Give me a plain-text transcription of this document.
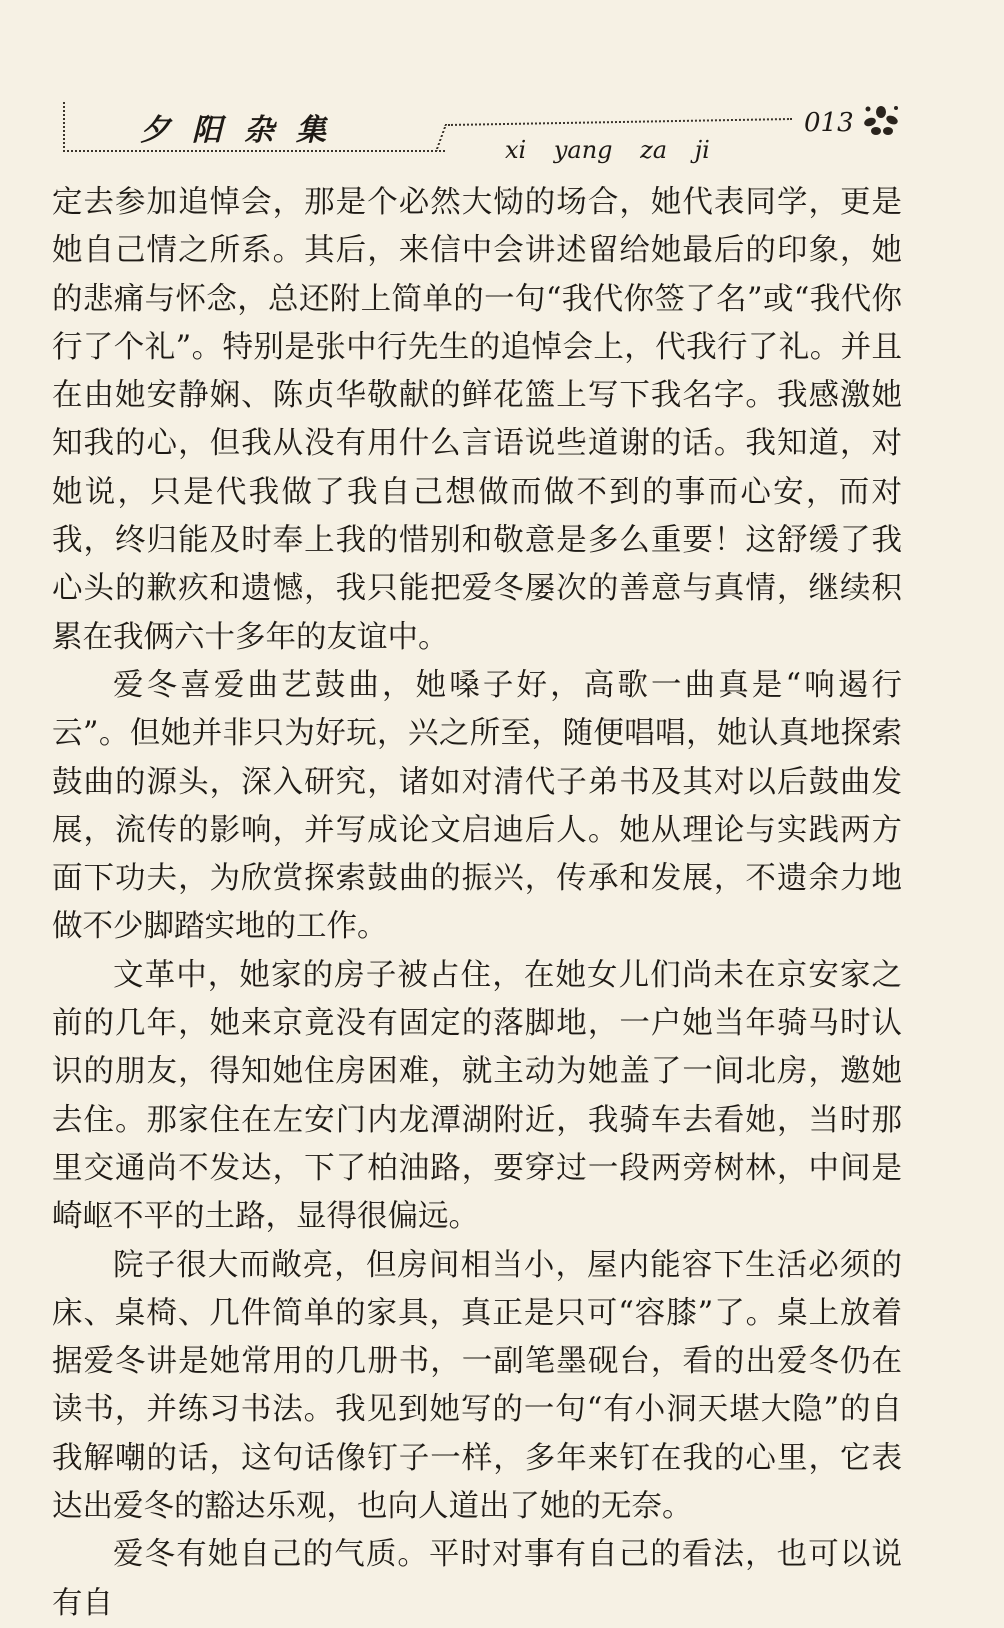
夕阳杂集
xi yang za ji
013

定去参加追悼会，那是个必然大恸的场合，她代表同学，更是她自己情之所系。其后，来信中会讲述留给她最后的印象，她的悲痛与怀念，总还附上简单的一句“我代你签了名”或“我代你行了个礼”。特别是张中行先生的追悼会上，代我行了礼。并且在由她安静娴、陈贞华敬献的鲜花篮上写下我名字。我感激她知我的心，但我从没有用什么言语说些道谢的话。我知道，对她说，只是代我做了我自己想做而做不到的事而心安，而对我，终归能及时奉上我的惜别和敬意是多么重要！这舒缓了我心头的歉疚和遗憾，我只能把爱冬屡次的善意与真情，继续积累在我俩六十多年的友谊中。

爱冬喜爱曲艺鼓曲，她嗓子好，高歌一曲真是“响遏行云”。但她并非只为好玩，兴之所至，随便唱唱，她认真地探索鼓曲的源头，深入研究，诸如对清代子弟书及其对以后鼓曲发展，流传的影响，并写成论文启迪后人。她从理论与实践两方面下功夫，为欣赏探索鼓曲的振兴，传承和发展，不遗余力地做不少脚踏实地的工作。

文革中，她家的房子被占住，在她女儿们尚未在京安家之前的几年，她来京竟没有固定的落脚地，一户她当年骑马时认识的朋友，得知她住房困难，就主动为她盖了一间北房，邀她去住。那家住在左安门内龙潭湖附近，我骑车去看她，当时那里交通尚不发达，下了柏油路，要穿过一段两旁树林，中间是崎岖不平的土路，显得很偏远。

院子很大而敞亮，但房间相当小，屋内能容下生活必须的床、桌椅、几件简单的家具，真正是只可“容膝”了。桌上放着据爱冬讲是她常用的几册书，一副笔墨砚台，看的出爱冬仍在读书，并练习书法。我见到她写的一句“有小洞天堪大隐”的自我解嘲的话，这句话像钉子一样，多年来钉在我的心里，它表达出爱冬的豁达乐观，也向人道出了她的无奈。

爱冬有她自己的气质。平时对事有自己的看法，也可以说有自
